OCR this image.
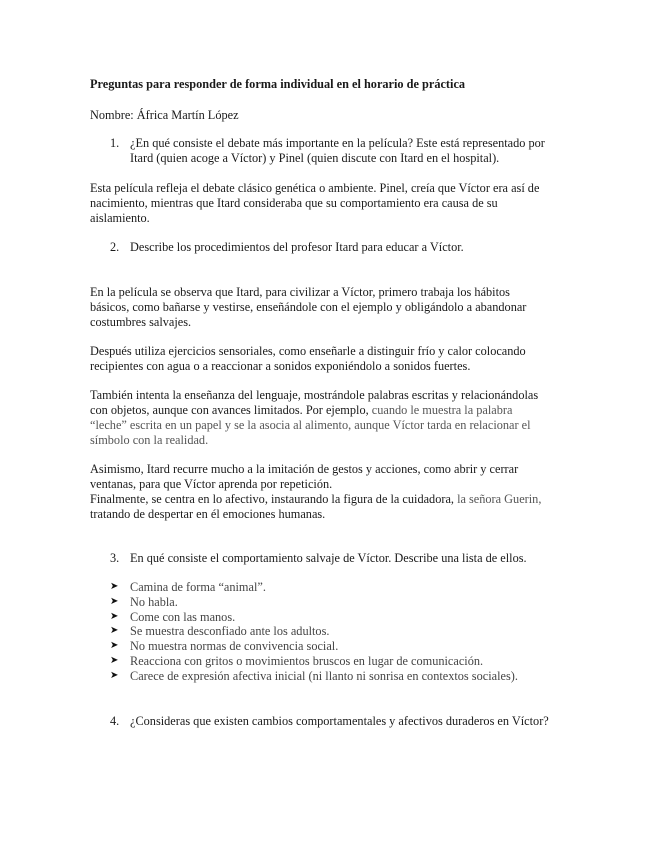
Preguntas para responder de forma individual en el horario de práctica
Nombre: África Martín López
1. ¿En qué consiste el debate más importante en la película? Este está representado por Itard (quien acoge a Víctor) y Pinel (quien discute con Itard en el hospital).
Esta película refleja el debate clásico genética o ambiente. Pinel, creía que Víctor era así de nacimiento, mientras que Itard consideraba que su comportamiento era causa de su aislamiento.
2. Describe los procedimientos del profesor Itard para educar a Víctor.
En la película se observa que Itard, para civilizar a Víctor, primero trabaja los hábitos básicos, como bañarse y vestirse, enseñándole con el ejemplo y obligándolo a abandonar costumbres salvajes.
Después utiliza ejercicios sensoriales, como enseñarle a distinguir frío y calor colocando recipientes con agua o a reaccionar a sonidos exponiéndolo a sonidos fuertes.
También intenta la enseñanza del lenguaje, mostrándole palabras escritas y relacionándolas con objetos, aunque con avances limitados. Por ejemplo, cuando le muestra la palabra “leche” escrita en un papel y se la asocia al alimento, aunque Víctor tarda en relacionar el símbolo con la realidad.
Asimismo, Itard recurre mucho a la imitación de gestos y acciones, como abrir y cerrar ventanas, para que Víctor aprenda por repetición.
Finalmente, se centra en lo afectivo, instaurando la figura de la cuidadora, la señora Guerin, tratando de despertar en él emociones humanas.
3. En qué consiste el comportamiento salvaje de Víctor. Describe una lista de ellos.
➤ Camina de forma “animal”.
➤ No habla.
➤ Come con las manos.
➤ Se muestra desconfiado ante los adultos.
➤ No muestra normas de convivencia social.
➤ Reacciona con gritos o movimientos bruscos en lugar de comunicación.
➤ Carece de expresión afectiva inicial (ni llanto ni sonrisa en contextos sociales).
4. ¿Consideras que existen cambios comportamentales y afectivos duraderos en Víctor?
